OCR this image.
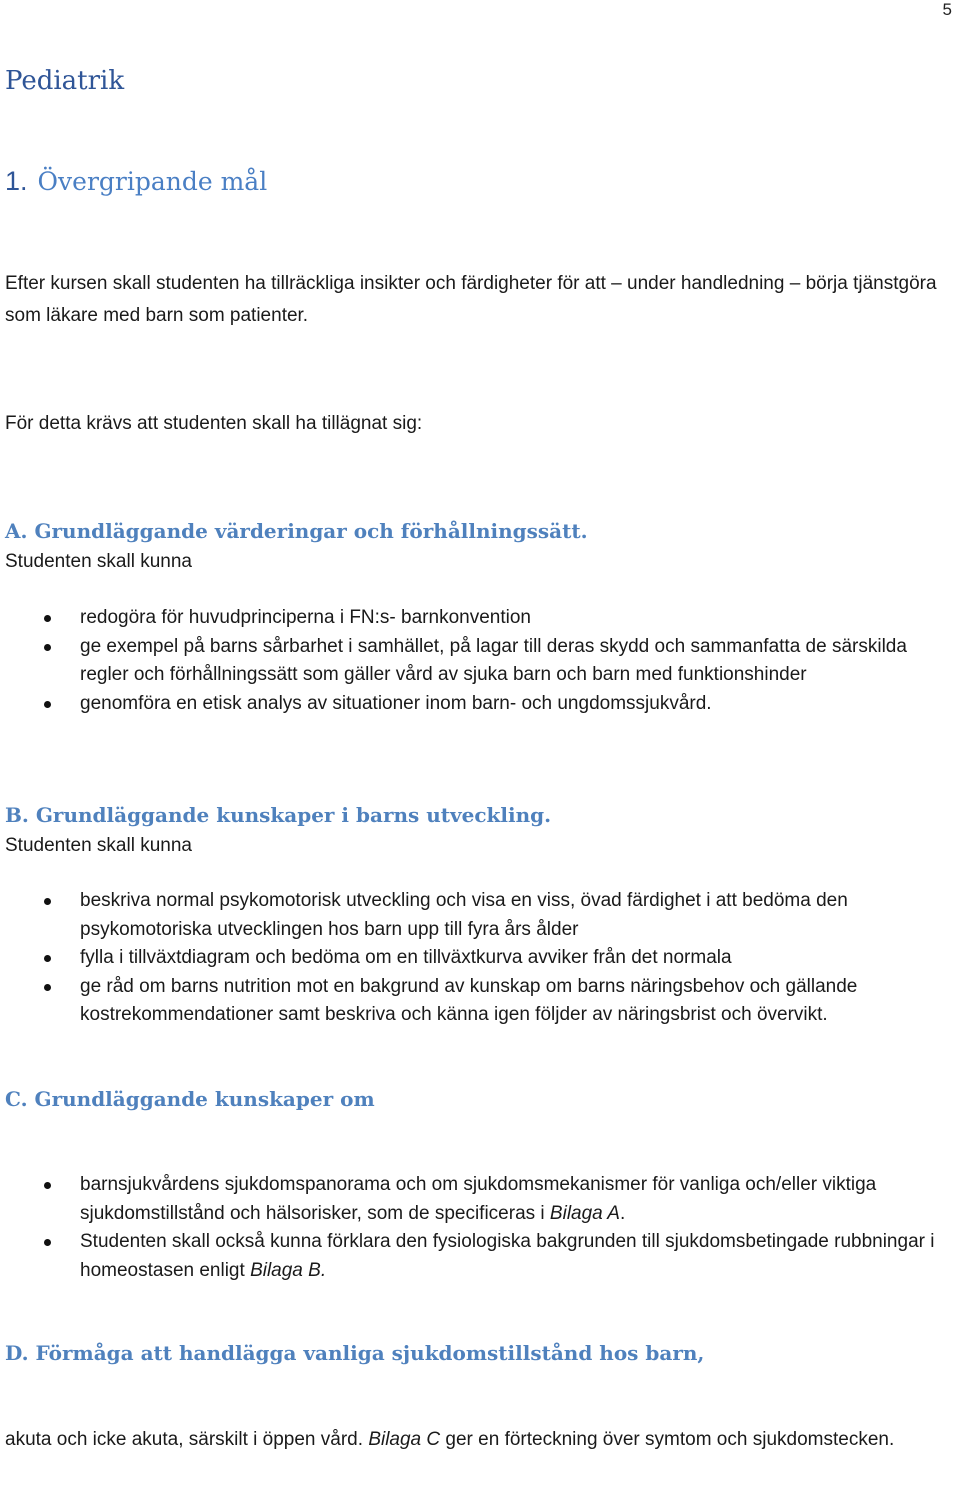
5
Pediatrik
1. Övergripande mål
Efter kursen skall studenten ha tillräckliga insikter och färdigheter för att – under handledning – börja tjänstgöra som läkare med barn som patienter.
För detta krävs att studenten skall ha tillägnat sig:
A. Grundläggande värderingar och förhållningssätt.
Studenten skall kunna
redogöra för huvudprinciperna i FN:s- barnkonvention
ge exempel på barns sårbarhet i samhället, på lagar till deras skydd och sammanfatta de särskilda regler och förhållningssätt som gäller vård av sjuka barn och barn med funktionshinder
genomföra en etisk analys av situationer inom barn- och ungdomssjukvård.
B. Grundläggande kunskaper i barns utveckling.
Studenten skall kunna
beskriva normal psykomotorisk utveckling och visa en viss, övad färdighet i att bedöma den psykomotoriska utvecklingen hos barn upp till fyra års ålder
fylla i tillväxtdiagram och bedöma om en tillväxtkurva avviker från det normala
ge råd om barns nutrition mot en bakgrund av kunskap om barns näringsbehov och gällande kostrekommendationer samt beskriva och känna igen följder av näringsbrist och övervikt.
C. Grundläggande kunskaper om
barnsjukvårdens sjukdomspanorama och om sjukdomsmekanismer för vanliga och/eller viktiga sjukdomstillstånd och hälsorisker, som de specificeras i Bilaga A.
Studenten skall också kunna förklara den fysiologiska bakgrunden till sjukdomsbetingade rubbningar i homeostasen enligt Bilaga B.
D. Förmåga att handlägga vanliga sjukdomstillstånd hos barn,
akuta och icke akuta, särskilt i öppen vård. Bilaga C ger en förteckning över symtom och sjukdomstecken.
